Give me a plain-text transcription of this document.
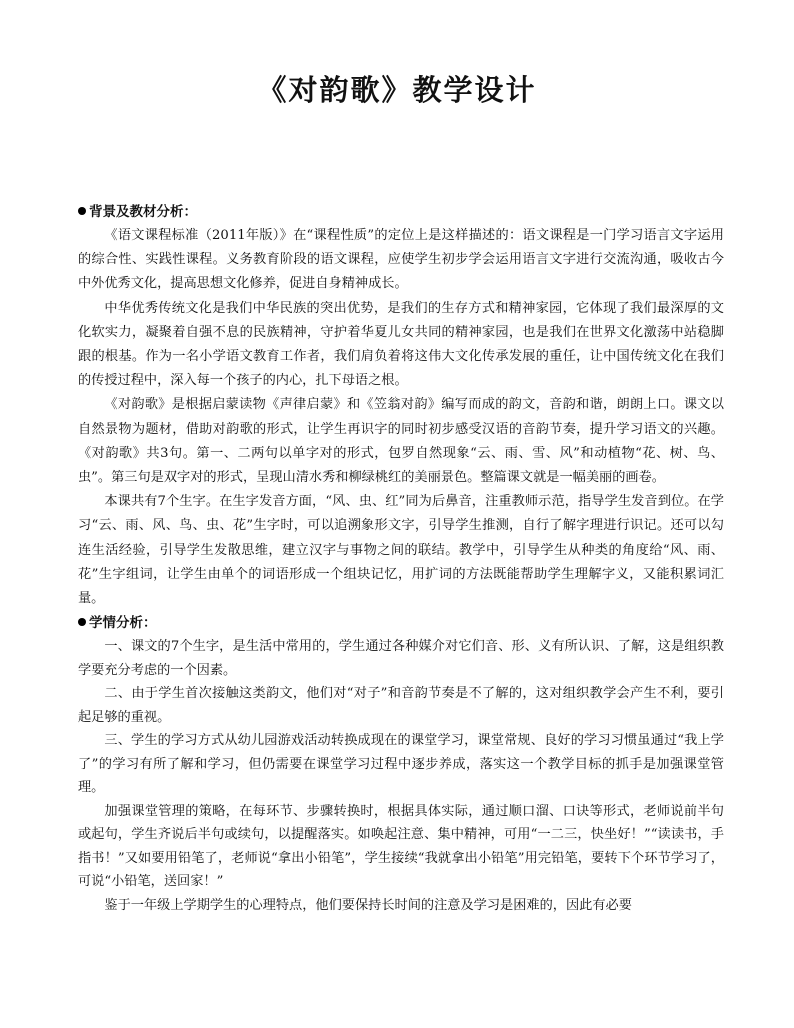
《对韵歌》教学设计

背景及教材分析：

《语文课程标准（2011年版）》在“课程性质”的定位上是这样描述的：语文课程是一门学习语言文字运用的综合性、实践性课程。义务教育阶段的语文课程，应使学生初步学会运用语言文字进行交流沟通，吸收古今中外优秀文化，提高思想文化修养，促进自身精神成长。

中华优秀传统文化是我们中华民族的突出优势，是我们的生存方式和精神家园，它体现了我们最深厚的文化软实力，凝聚着自强不息的民族精神，守护着华夏儿女共同的精神家园，也是我们在世界文化激荡中站稳脚跟的根基。作为一名小学语文教育工作者，我们肩负着将这伟大文化传承发展的重任，让中国传统文化在我们的传授过程中，深入每一个孩子的内心，扎下母语之根。

《对韵歌》是根据启蒙读物《声律启蒙》和《笠翁对韵》编写而成的韵文，音韵和谐，朗朗上口。课文以自然景物为题材，借助对韵歌的形式，让学生再识字的同时初步感受汉语的音韵节奏，提升学习语文的兴趣。《对韵歌》共3句。第一、二两句以单字对的形式，包罗自然现象“云、雨、雪、风”和动植物“花、树、鸟、虫”。第三句是双字对的形式，呈现山清水秀和柳绿桃红的美丽景色。整篇课文就是一幅美丽的画卷。

本课共有7个生字。在生字发音方面，“风、虫、红”同为后鼻音，注重教师示范，指导学生发音到位。在学习“云、雨、风、鸟、虫、花”生字时，可以追溯象形文字，引导学生推测，自行了解字理进行识记。还可以勾连生活经验，引导学生发散思维，建立汉字与事物之间的联结。教学中，引导学生从种类的角度给“风、雨、花”生字组词，让学生由单个的词语形成一个组块记忆，用扩词的方法既能帮助学生理解字义，又能积累词汇量。

学情分析：

一、课文的7个生字，是生活中常用的，学生通过各种媒介对它们音、形、义有所认识、了解，这是组织教学要充分考虑的一个因素。

二、由于学生首次接触这类韵文，他们对“对子”和音韵节奏是不了解的，这对组织教学会产生不利，要引起足够的重视。

三、学生的学习方式从幼儿园游戏活动转换成现在的课堂学习，课堂常规、良好的学习习惯虽通过“我上学了”的学习有所了解和学习，但仍需要在课堂学习过程中逐步养成，落实这一个教学目标的抓手是加强课堂管理。

加强课堂管理的策略，在每环节、步骤转换时，根据具体实际，通过顺口溜、口诀等形式，老师说前半句或起句，学生齐说后半句或续句，以提醒落实。如唤起注意、集中精神，可用“一二三，快坐好！”“读读书，手指书！”又如要用铅笔了，老师说“拿出小铅笔”，学生接续“我就拿出小铅笔”用完铅笔，要转下个环节学习了，可说“小铅笔，送回家！”

鉴于一年级上学期学生的心理特点，他们要保持长时间的注意及学习是困难的，因此有必要
